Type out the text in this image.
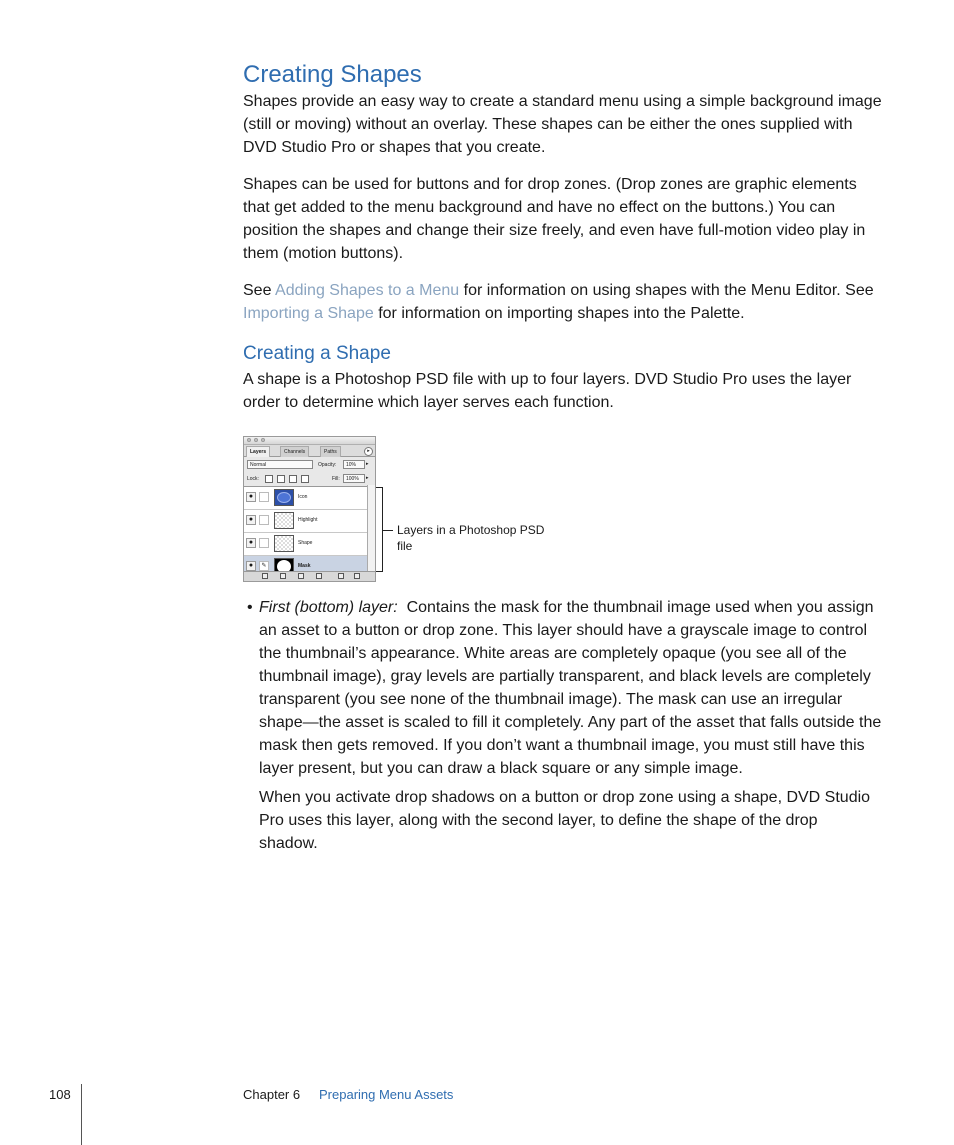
Creating Shapes

Shapes provide an easy way to create a standard menu using a simple background image (still or moving) without an overlay. These shapes can be either the ones supplied with DVD Studio Pro or shapes that you create.

Shapes can be used for buttons and for drop zones. (Drop zones are graphic elements that get added to the menu background and have no effect on the buttons.) You can position the shapes and change their size freely, and even have full-motion video play in them (motion buttons).

See Adding Shapes to a Menu for information on using shapes with the Menu Editor. See Importing a Shape for information on importing shapes into the Palette.

Creating a Shape

A shape is a Photoshop PSD file with up to four layers. DVD Studio Pro uses the layer order to determine which layer serves each function.

Layers	Channels	Paths	▸
Normal	Opacity:	10%	▸
Lock:	Fill:	100%	▸
●	Icon
●	Highlight
●	Shape
●	✎	Mask
Layers in a Photoshop PSD file
• First (bottom) layer:  Contains the mask for the thumbnail image used when you assign an asset to a button or drop zone. This layer should have a grayscale image to control the thumbnail’s appearance. White areas are completely opaque (you see all of the thumbnail image), gray levels are partially transparent, and black levels are completely transparent (you see none of the thumbnail image). The mask can use an irregular shape—the asset is scaled to fill it completely. Any part of the asset that falls outside the mask then gets removed. If you don’t want a thumbnail image, you must still have this layer present, but you can draw a black square or any simple image.

When you activate drop shadows on a button or drop zone using a shape, DVD Studio Pro uses this layer, along with the second layer, to define the shape of the drop shadow.

108	Chapter 6 Preparing Menu Assets
